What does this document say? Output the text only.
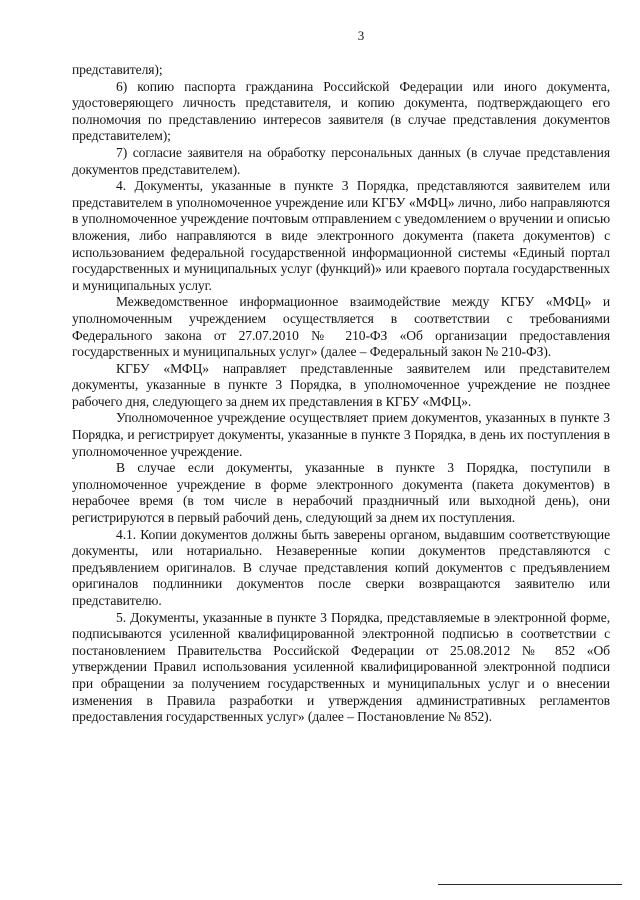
3

представителя);

6) копию паспорта гражданина Российской Федерации или иного документа, удостоверяющего личность представителя, и копию документа, подтверждающего его полномочия по представлению интересов заявителя (в случае представления документов представителем);

7) согласие заявителя на обработку персональных данных (в случае представления документов представителем).

4. Документы, указанные в пункте 3 Порядка, представляются заявителем или представителем в уполномоченное учреждение или КГБУ «МФЦ» лично, либо направляются в уполномоченное учреждение почтовым отправлением с уведомлением о вручении и описью вложения, либо направляются в виде электронного документа (пакета документов) с использованием федеральной государственной информационной системы «Единый портал государственных и муниципальных услуг (функций)» или краевого портала государственных и муниципальных услуг.

Межведомственное информационное взаимодействие между КГБУ «МФЦ» и уполномоченным учреждением осуществляется в соответствии с требованиями Федерального закона от 27.07.2010 № 210-ФЗ «Об организации предоставления государственных и муниципальных услуг» (далее – Федеральный закон № 210-ФЗ).

КГБУ «МФЦ» направляет представленные заявителем или представителем документы, указанные в пункте 3 Порядка, в уполномоченное учреждение не позднее рабочего дня, следующего за днем их представления в КГБУ «МФЦ».

Уполномоченное учреждение осуществляет прием документов, указанных в пункте 3 Порядка, и регистрирует документы, указанные в пункте 3 Порядка, в день их поступления в уполномоченное учреждение.

В случае если документы, указанные в пункте 3 Порядка, поступили в уполномоченное учреждение в форме электронного документа (пакета документов) в нерабочее время (в том числе в нерабочий праздничный или выходной день), они регистрируются в первый рабочий день, следующий за днем их поступления.

4.1. Копии документов должны быть заверены органом, выдавшим соответствующие документы, или нотариально. Незаверенные копии документов представляются с предъявлением оригиналов. В случае представления копий документов с предъявлением оригиналов подлинники документов после сверки возвращаются заявителю или представителю.

5. Документы, указанные в пункте 3 Порядка, представляемые в электронной форме, подписываются усиленной квалифицированной электронной подписью в соответствии с постановлением Правительства Российской Федерации от 25.08.2012 № 852 «Об утверждении Правил использования усиленной квалифицированной электронной подписи при обращении за получением государственных и муниципальных услуг и о внесении изменения в Правила разработки и утверждения административных регламентов предоставления государственных услуг» (далее – Постановление № 852).
